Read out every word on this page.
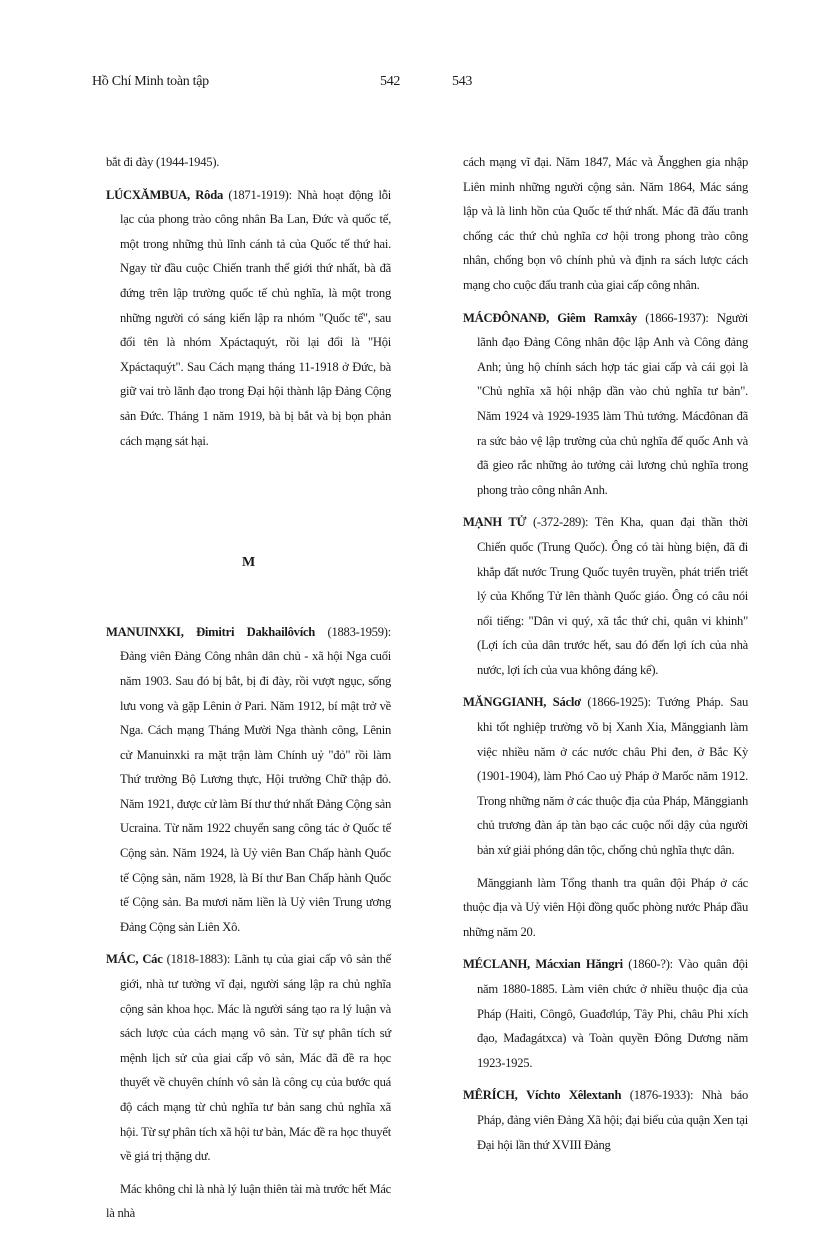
Hồ Chí Minh toàn tập	542	543

bắt đi đày (1944-1945).

LÚCXĂMBUA, Rôda (1871-1919): Nhà hoạt động lỗi lạc của phong trào công nhân Ba Lan, Đức và quốc tế, một trong những thủ lĩnh cánh tả của Quốc tế thứ hai. Ngay từ đầu cuộc Chiến tranh thế giới thứ nhất, bà đã đứng trên lập trường quốc tế chủ nghĩa, là một trong những người có sáng kiến lập ra nhóm "Quốc tế", sau đổi tên là nhóm Xpáctaquýt, rồi lại đổi là "Hội Xpáctaquýt". Sau Cách mạng tháng 11-1918 ở Đức, bà giữ vai trò lãnh đạo trong Đại hội thành lập Đảng Cộng sản Đức. Tháng 1 năm 1919, bà bị bắt và bị bọn phản cách mạng sát hại.

M

MANUINXKI, Đimitri Dakhailôvích (1883-1959): Đảng viên Đảng Công nhân dân chủ - xã hội Nga cuối năm 1903. Sau đó bị bắt, bị đi đày, rồi vượt ngục, sống lưu vong và gặp Lênin ở Pari. Năm 1912, bí mật trở về Nga. Cách mạng Tháng Mười Nga thành công, Lênin cử Manuinxki ra mặt trận làm Chính uỷ "đỏ" rồi làm Thứ trưởng Bộ Lương thực, Hội trưởng Chữ thập đỏ. Năm 1921, được cử làm Bí thư thứ nhất Đảng Cộng sản Ucraina. Từ năm 1922 chuyển sang công tác ở Quốc tế Cộng sản. Năm 1924, là Uỷ viên Ban Chấp hành Quốc tế Cộng sản, năm 1928, là Bí thư Ban Chấp hành Quốc tế Cộng sản. Ba mươi năm liền là Uỷ viên Trung ương Đảng Cộng sản Liên Xô.

MÁC, Các (1818-1883): Lãnh tụ của giai cấp vô sản thế giới, nhà tư tưởng vĩ đại, người sáng lập ra chủ nghĩa cộng sản khoa học. Mác là người sáng tạo ra lý luận và sách lược của cách mạng vô sản. Từ sự phân tích sứ mệnh lịch sử của giai cấp vô sản, Mác đã đề ra học thuyết về chuyên chính vô sản là công cụ của bước quá độ cách mạng từ chủ nghĩa tư bản sang chủ nghĩa xã hội. Từ sự phân tích xã hội tư bản, Mác đề ra học thuyết về giá trị thặng dư.

Mác không chỉ là nhà lý luận thiên tài mà trước hết Mác là nhà

cách mạng vĩ đại. Năm 1847, Mác và Ăngghen gia nhập Liên minh những người cộng sản. Năm 1864, Mác sáng lập và là linh hồn của Quốc tế thứ nhất. Mác đã đấu tranh chống các thứ chủ nghĩa cơ hội trong phong trào công nhân, chống bọn vô chính phủ và định ra sách lược cách mạng cho cuộc đấu tranh của giai cấp công nhân.

MÁCĐÔNANĐ, Giêm Ramxây (1866-1937): Người lãnh đạo Đảng Công nhân độc lập Anh và Công đảng Anh; ủng hộ chính sách hợp tác giai cấp và cái gọi là "Chủ nghĩa xã hội nhập dần vào chủ nghĩa tư bản". Năm 1924 và 1929-1935 làm Thủ tướng. Mácđônan đã ra sức bảo vệ lập trường của chủ nghĩa đế quốc Anh và đã gieo rắc những ảo tưởng cải lương chủ nghĩa trong phong trào công nhân Anh.

MẠNH TỬ (-372-289): Tên Kha, quan đại thần thời Chiến quốc (Trung Quốc). Ông có tài hùng biện, đã đi khắp đất nước Trung Quốc tuyên truyền, phát triển triết lý của Khổng Tử lên thành Quốc giáo. Ông có câu nói nổi tiếng: "Dân vi quý, xã tắc thứ chi, quân vi khinh" (Lợi ích của dân trước hết, sau đó đến lợi ích của nhà nước, lợi ích của vua không đáng kể).

MĂNGGIANH, Sáclơ (1866-1925): Tướng Pháp. Sau khi tốt nghiệp trường võ bị Xanh Xia, Mănggianh làm việc nhiều năm ở các nước châu Phi đen, ở Bắc Kỳ (1901-1904), làm Phó Cao uỷ Pháp ở Marốc năm 1912. Trong những năm ở các thuộc địa của Pháp, Mănggianh chủ trương đàn áp tàn bạo các cuộc nổi dậy của người bản xứ giải phóng dân tộc, chống chủ nghĩa thực dân.

Mănggianh làm Tổng thanh tra quân đội Pháp ở các thuộc địa và Uỷ viên Hội đồng quốc phòng nước Pháp đầu những năm 20.

MÉCLANH, Mácxian Hăngri (1860-?): Vào quân đội năm 1880-1885. Làm viên chức ở nhiều thuộc địa của Pháp (Haiti, Côngô, Guađơlúp, Tây Phi, châu Phi xích đạo, Mađagátxca) và Toàn quyền Đông Dương năm 1923-1925.

MÊRÍCH, Víchto Xêlextanh (1876-1933): Nhà báo Pháp, đảng viên Đảng Xã hội; đại biểu của quận Xen tại Đại hội lần thứ XVIII Đảng
